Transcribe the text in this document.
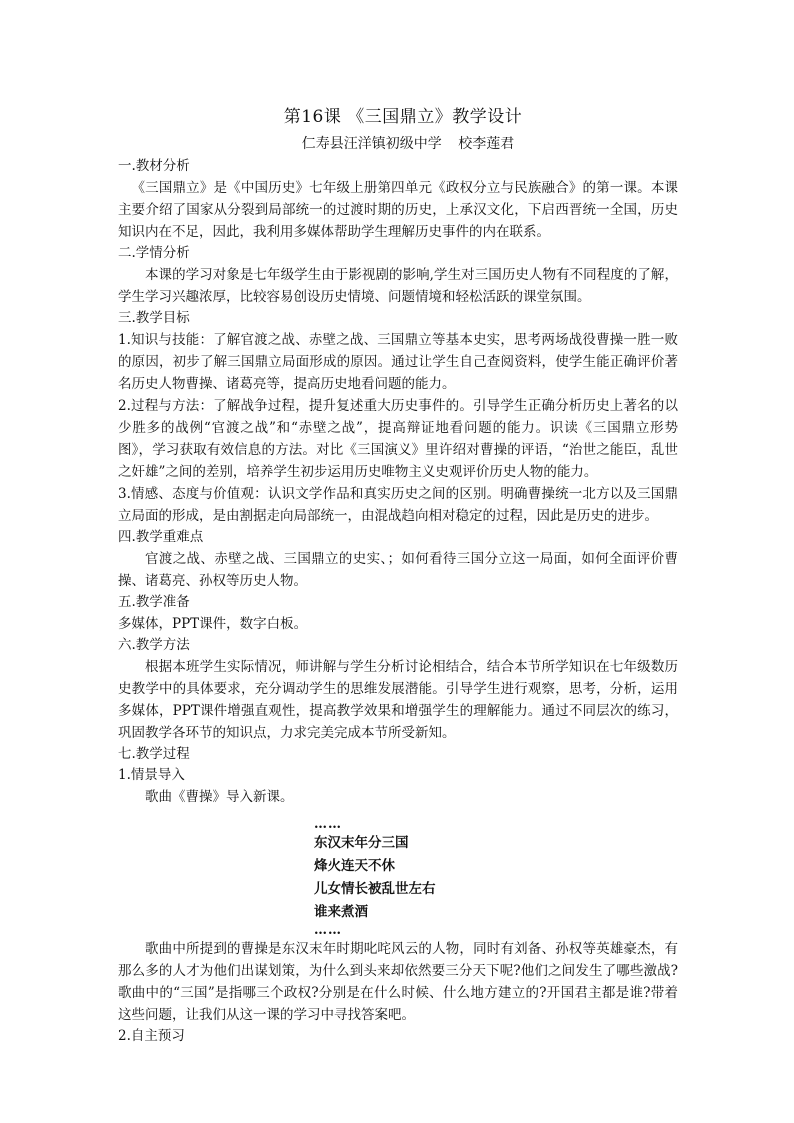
第16课 《三国鼎立》教学设计
仁寿县汪洋镇初级中学 校李莲君
一.教材分析
《三国鼎立》是《中国历史》七年级上册第四单元《政权分立与民族融合》的第一课。本课主要介绍了国家从分裂到局部统一的过渡时期的历史，上承汉文化，下启西晋统一全国，历史知识内在不足，因此，我利用多媒体帮助学生理解历史事件的内在联系。
二.学情分析
本课的学习对象是七年级学生由于影视剧的影响,学生对三国历史人物有不同程度的了解，学生学习兴趣浓厚，比较容易创设历史情境、问题情境和轻松活跃的课堂氛围。
三.教学目标
1.知识与技能：了解官渡之战、赤壁之战、三国鼎立等基本史实，思考两场战役曹操一胜一败的原因，初步了解三国鼎立局面形成的原因。通过让学生自己查阅资料，使学生能正确评价著名历史人物曹操、诸葛亮等，提高历史地看问题的能力。
2.过程与方法：了解战争过程，提升复述重大历史事件的。引导学生正确分析历史上著名的以少胜多的战例“官渡之战”和“赤壁之战”，提高辩证地看问题的能力。识读《三国鼎立形势图》，学习获取有效信息的方法。对比《三国演义》里许绍对曹操的评语，“治世之能臣，乱世之奸雄”之间的差别，培养学生初步运用历史唯物主义史观评价历史人物的能力。
3.情感、态度与价值观：认识文学作品和真实历史之间的区别。明确曹操统一北方以及三国鼎立局面的形成，是由割据走向局部统一，由混战趋向相对稳定的过程，因此是历史的进步。
四.教学重难点
官渡之战、赤壁之战、三国鼎立的史实、；如何看待三国分立这一局面，如何全面评价曹操、诸葛亮、孙权等历史人物。
五.教学准备
多媒体，PPT课件，数字白板。
六.教学方法
根据本班学生实际情况，师讲解与学生分析讨论相结合，结合本节所学知识在七年级数历史教学中的具体要求，充分调动学生的思维发展潜能。引导学生进行观察，思考，分析，运用多媒体，PPT课件增强直观性，提高教学效果和增强学生的理解能力。通过不同层次的练习，巩固教学各环节的知识点，力求完美完成本节所受新知。
七.教学过程
1.情景导入
歌曲《曹操》导入新课。
……
东汉末年分三国
烽火连天不休
儿女情长被乱世左右
谁来煮酒
……
歌曲中所提到的曹操是东汉末年时期叱咤风云的人物，同时有刘备、孙权等英雄豪杰，有那么多的人才为他们出谋划策，为什么到头来却依然要三分天下呢?他们之间发生了哪些激战?歌曲中的“三国”是指哪三个政权?分别是在什么时候、什么地方建立的?开国君主都是谁?带着这些问题，让我们从这一课的学习中寻找答案吧。
2.自主预习
